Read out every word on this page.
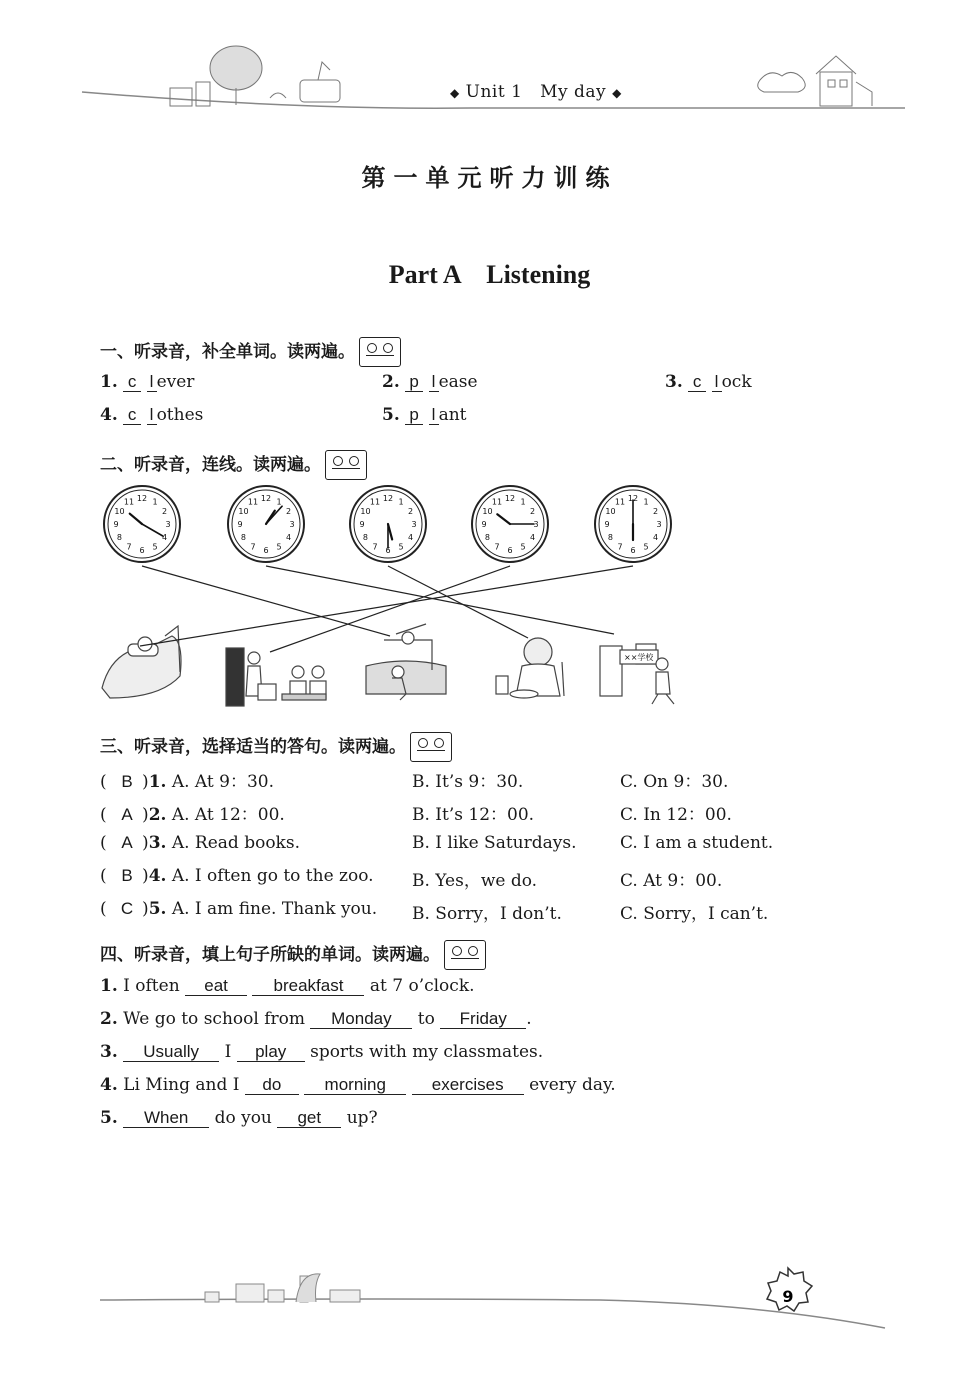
◆ Unit 1 My day ◆
第一单元听力训练
Part A　Listening
一、听录音，补全单词。读两遍。
1. c l ever	2. p l ease	3. c l ock
4. c l othes	5. p l ant
二、听录音，连线。读两遍。
××学校
12 1
2
3
4
5
6
7
8
9
10
11	12 1
2
3
4
5
6
7
8
9
10
11	12 1
2
3
4
5
6
7
8
9
10
11	12 1
2
3
4
5
6
7
8
9
10
11	12 1
2
3
4
5
6
7
8
9
10
11
三、听录音，选择适当的答句。读两遍。
( B )1. A. At 9：30.	B. It’s 9：30.	C. On 9：30.
( A )2. A. At 12：00.	B. It’s 12：00.	C. In 12：00.
( A )3. A. Read books.	B. I like Saturdays.	C. I am a student.
( B )4. A. I often go to the zoo. B. Yes，we do.	C. At 9：00.
( C )5. A. I am fine. Thank you. B. Sorry，I don’t.	C. Sorry，I can’t.
四、听录音，填上句子所缺的单词。读两遍。
1. I often eat	breakfast at 7 o’clock.
2. We go to school from Monday to Friday .
3. Usually I play sports with my classmates.
4. Li Ming and I do	morning	exercises every day.
5. When do you get up?
9
